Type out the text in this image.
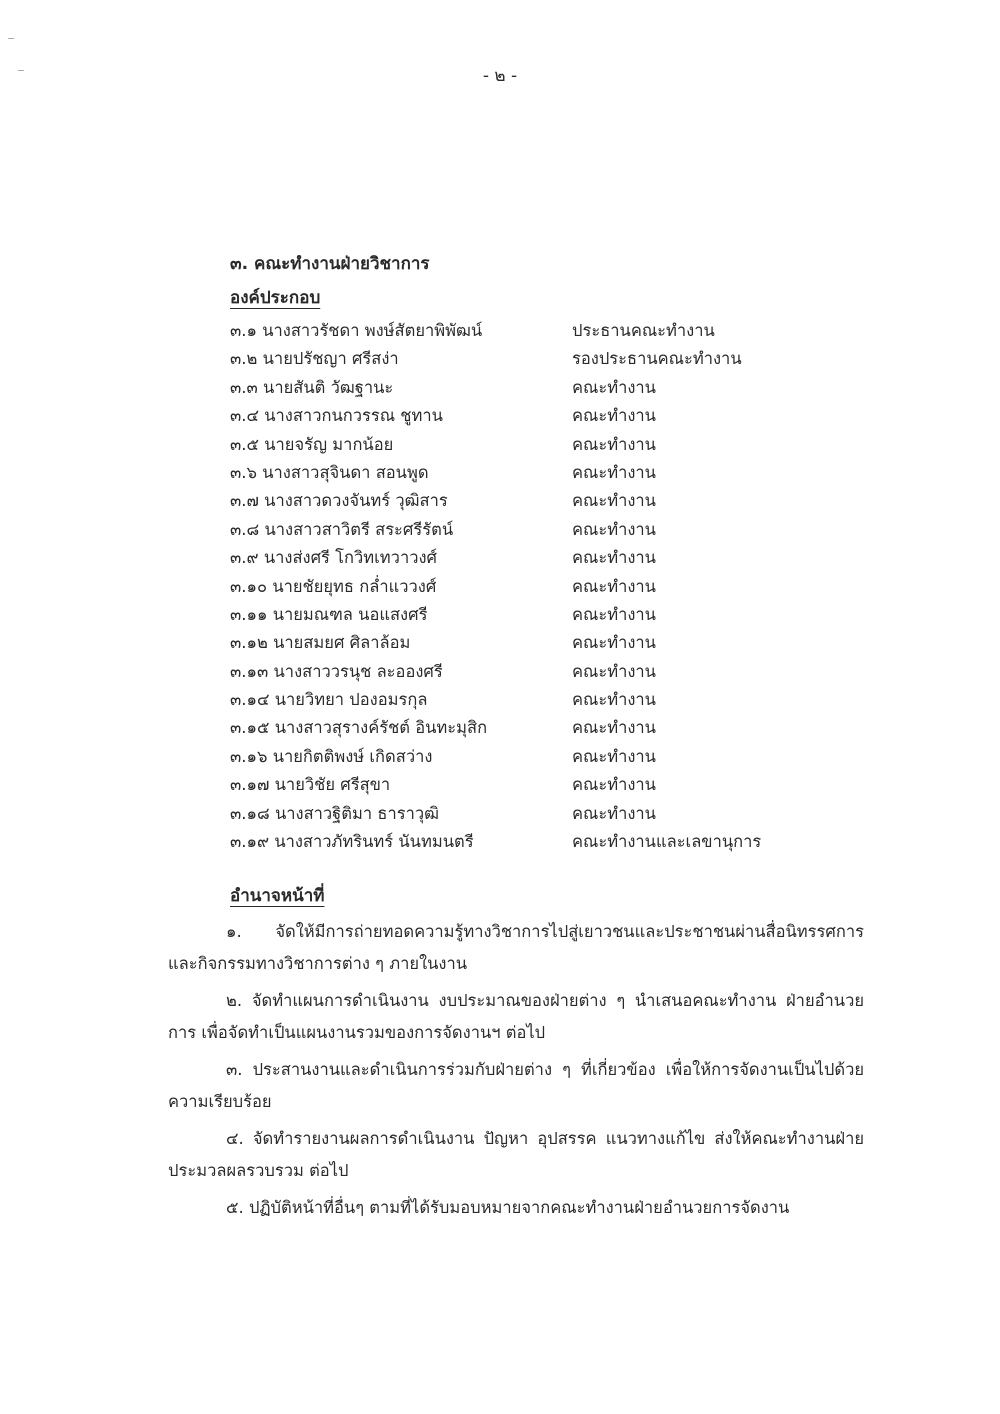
- ๒ -
๓. คณะทำงานฝ่ายวิชาการ
องค์ประกอบ
๓.๑ นางสาวรัชดา พงษ์สัตยาพิพัฒน์	ประธานคณะทำงาน
๓.๒ นายปรัชญา ศรีสง่า	รองประธานคณะทำงาน
๓.๓ นายสันติ วัฒฐานะ	คณะทำงาน
๓.๔ นางสาวกนกวรรณ ชูทาน	คณะทำงาน
๓.๕ นายจรัญ มากน้อย	คณะทำงาน
๓.๖ นางสาวสุจินดา สอนพูด	คณะทำงาน
๓.๗ นางสาวดวงจันทร์ วุฒิสาร	คณะทำงาน
๓.๘ นางสาวสาวิตรี สระศรีรัตน์	คณะทำงาน
๓.๙ นางส่งศรี โกวิทเทวาวงศ์	คณะทำงาน
๓.๑๐ นายชัยยุทธ กล่ำแววงศ์	คณะทำงาน
๓.๑๑ นายมณฑล นอแสงศรี	คณะทำงาน
๓.๑๒ นายสมยศ ศิลาล้อม	คณะทำงาน
๓.๑๓ นางสาววรนุช ละอองศรี	คณะทำงาน
๓.๑๔ นายวิทยา ปองอมรกุล	คณะทำงาน
๓.๑๕ นางสาวสุรางค์รัชต์ อินทะมุสิก	คณะทำงาน
๓.๑๖ นายกิตติพงษ์ เกิดสว่าง	คณะทำงาน
๓.๑๗ นายวิชัย ศรีสุขา	คณะทำงาน
๓.๑๘ นางสาวฐิติมา ธาราวุฒิ	คณะทำงาน
๓.๑๙ นางสาวภัทรินทร์ นันทมนตรี	คณะทำงานและเลขานุการ
อำนาจหน้าที่

๑. จัดให้มีการถ่ายทอดความรู้ทางวิชาการไปสู่เยาวชนและประชาชนผ่านสื่อนิทรรศการและกิจกรรมทางวิชาการต่าง ๆ ภายในงาน

๒. จัดทำแผนการดำเนินงาน งบประมาณของฝ่ายต่าง ๆ นำเสนอคณะทำงาน ฝ่ายอำนวยการ เพื่อจัดทำเป็นแผนงานรวมของการจัดงานฯ ต่อไป

๓. ประสานงานและดำเนินการร่วมกับฝ่ายต่าง ๆ ที่เกี่ยวข้อง เพื่อให้การจัดงานเป็นไปด้วยความเรียบร้อย

๔. จัดทำรายงานผลการดำเนินงาน ปัญหา อุปสรรค แนวทางแก้ไข ส่งให้คณะทำงานฝ่ายประมวลผลรวบรวม ต่อไป

๕. ปฏิบัติหน้าที่อื่นๆ ตามที่ได้รับมอบหมายจากคณะทำงานฝ่ายอำนวยการจัดงาน
